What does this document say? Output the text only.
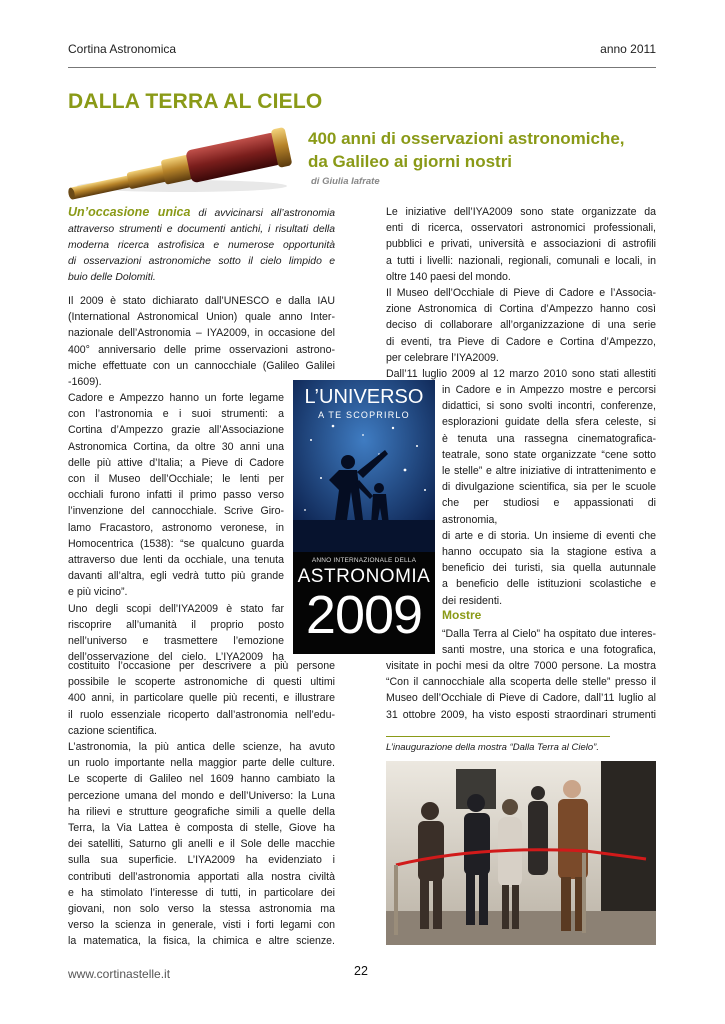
Cortina Astronomica	anno 2011
DALLA TERRA AL CIELO
400 anni di osservazioni astronomiche,
da Galileo ai giorni nostri
di Giulia Iafrate

Un’occasione unica di avvicinarsi all’astronomia

attraverso strumenti e documenti antichi, i risultati della

moderna ricerca astrofisica e numerose opportunità

di osservazioni astronomiche sotto il cielo limpido e

buio delle Dolomiti.

Il 2009 è stato dichiarato dall’UNESCO e dalla IAU

(International Astronomical Union) quale anno Inter-

nazionale dell’Astronomia – IYA2009, in occasione del

400° anniversario delle prime osservazioni astrono-

miche effettuate con un cannocchiale (Galileo Galilei

-1609).

Cadore e Ampezzo hanno un forte legame

con l’astronomia e i suoi strumenti: a

Cortina d’Ampezzo grazie all’Associazione

Astronomica Cortina, da oltre 30 anni una

delle più attive d’Italia; a Pieve di Cadore

con il Museo dell’Occhiale; le lenti per

occhiali furono infatti il primo passo verso

l’invenzione del cannocchiale. Scrive Giro-

lamo Fracastoro, astronomo veronese, in

Homocentrica (1538): “se qualcuno guarda

attraverso due lenti da occhiale, una tenuta

davanti all’altra, egli vedrà tutto più grande

e più vicino”.

Uno degli scopi dell’IYA2009 è stato far

riscoprire all’umanità il proprio posto

nell’universo e trasmettere l’emozione

dell’osservazione del cielo. L’IYA2009 ha

costituito l’occasione per descrivere a più persone

possibile le scoperte astronomiche di questi ultimi

400 anni, in particolare quelle più recenti, e illustrare

il ruolo essenziale ricoperto dall’astronomia nell’edu-

cazione scientifica.

L’astronomia, la più antica delle scienze, ha avuto

un ruolo importante nella maggior parte delle culture.

Le scoperte di Galileo nel 1609 hanno cambiato la

percezione umana del mondo e dell’Universo: la Luna

ha rilievi e strutture geografiche simili a quelle della

Terra, la Via Lattea è composta di stelle, Giove ha

dei satelliti, Saturno gli anelli e il Sole delle macchie

sulla sua superficie. L’IYA2009 ha evidenziato i

contributi dell’astronomia apportati alla nostra civiltà

e ha stimolato l’interesse di tutti, in particolare dei

giovani, non solo verso la stessa astronomia ma

verso la scienza in generale, visti i forti legami con

la matematica, la fisica, la chimica e altre scienze.

L’UNIVERSO
A TE SCOPRIRLO
ANNO INTERNAZIONALE DELLA
ASTRONOMIA
2009

Le iniziative dell’IYA2009 sono state organizzate da

enti di ricerca, osservatori astronomici professionali,

pubblici e privati, università e associazioni di astrofili

a tutti i livelli: nazionali, regionali, comunali e locali, in

oltre 140 paesi del mondo.

Il Museo dell’Occhiale di Pieve di Cadore e l’Associa-

zione Astronomica di Cortina d’Ampezzo hanno così

deciso di collaborare all’organizzazione di una serie

di eventi, tra Pieve di Cadore e Cortina d’Ampezzo,

per celebrare l’IYA2009.

Dall’11 luglio 2009 al 12 marzo 2010 sono stati allestiti

in Cadore e in Ampezzo mostre e percorsi

didattici, si sono svolti incontri, conferenze,

esplorazioni guidate della sfera celeste, si

è tenuta una rassegna cinematografica-

teatrale, sono state organizzate “cene sotto

le stelle” e altre iniziative di intrattenimento e

di divulgazione scientifica, sia per le scuole

che per studiosi e appassionati di astronomia,

di arte e di storia. Un insieme di eventi che

hanno occupato sia la stagione estiva a

beneficio dei turisti, sia quella autunnale

a beneficio delle istituzioni scolastiche e

dei residenti.

Mostre

“Dalla Terra al Cielo” ha ospitato due interes-

santi mostre, una storica e una fotografica,

visitate in pochi mesi da oltre 7000 persone. La mostra

“Con il cannocchiale alla scoperta delle stelle” presso il

Museo dell’Occhiale di Pieve di Cadore, dall’11 luglio al

31 ottobre 2009, ha visto esposti straordinari strumenti

L’inaugurazione della mostra “Dalla Terra al Cielo”.
www.cortinastelle.it	22
